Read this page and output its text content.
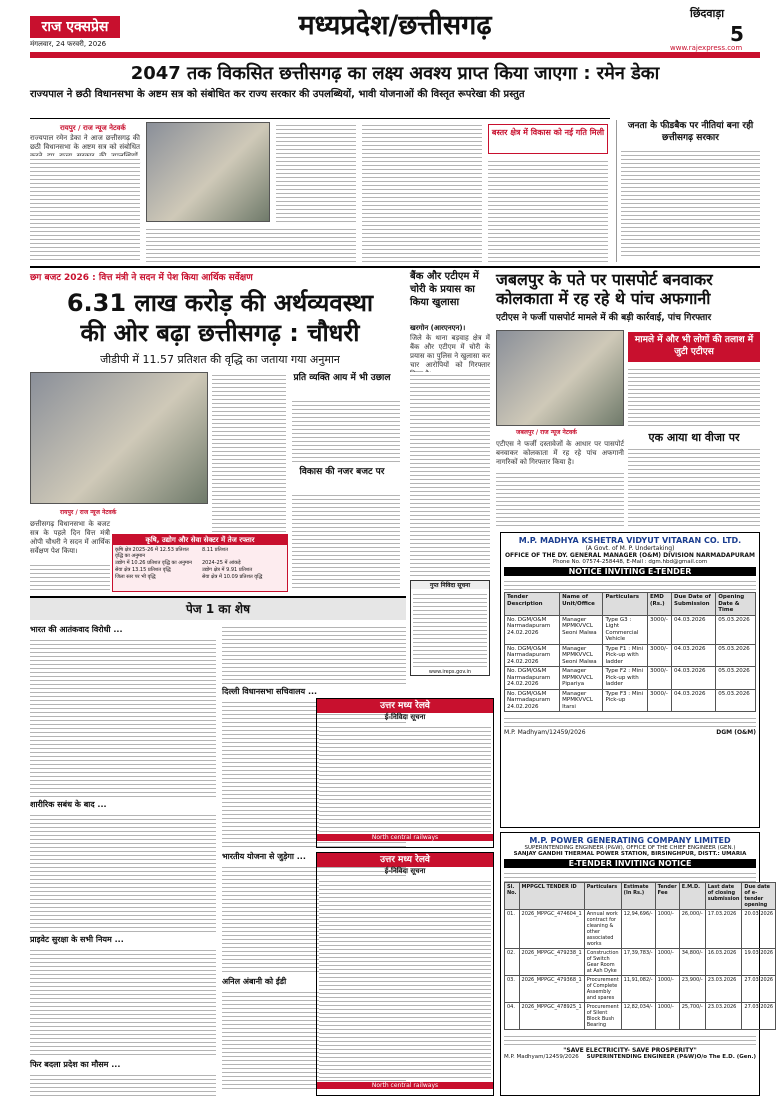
राज एक्सप्रेस
मंगलवार, 24 फरवरी, 2026
मध्यप्रदेश/छत्तीसगढ़	छिंदवाड़ा
5
www.rajexpress.com
2047 तक विकसित छत्तीसगढ़ का लक्ष्य अवश्य प्राप्त किया जाएगा : रमेन डेका
राज्यपाल ने छठी विधानसभा के अष्टम सत्र को संबोधित कर राज्य सरकार की उपलब्धियों, भावी योजनाओं की विस्तृत रूपरेखा की प्रस्तुत
रायपुर / राज न्यूज नेटवर्क
राज्यपाल रमेन डेका ने आज छत्तीसगढ़ की छठी विधानसभा के अष्टम सत्र को संबोधित
बस्तर क्षेत्र में विकास को नई गति मिली
जनता के फीडबैक पर नीतियां बना रही छत्तीसगढ़ सरकार
छग बजट 2026 : वित्त मंत्री ने सदन में पेश किया आर्थिक सर्वेक्षण
6.31 लाख करोड़ की अर्थव्यवस्था
की ओर बढ़ा छत्तीसगढ़ : चौधरी
जीडीपी में 11.57 प्रतिशत की वृद्धि का जताया गया अनुमान
रायपुर / राज न्यूज नेटवर्क
छत्तीसगढ़ विधानसभा के बजट सत्र के पहले दिन वित्त मंत्री ओपी चौधरी ने सदन में आर्थिक सर्वेक्षण पेश किया।
प्रति व्यक्ति आय में भी उछाल
विकास की नजर बजट पर
कृषि, उद्योग और सेवा सेक्टर में तेज रफ्तार
कृषि क्षेत्र 2025-26 में 12.53 प्रतिशत वृद्धि का अनुमान
8.11 प्रतिशत
उद्योग में 10.26 प्रतिशत वृद्धि का अनुमान	2024-25 में आंकड़े
सेवा क्षेत्र 13.15 प्रतिशत वृद्धि	उद्योग क्षेत्र में 9.91 प्रतिशत
जिला स्तर पर भी वृद्धि	सेवा क्षेत्र में 10.09 प्रतिशत वृद्धि
बैंक और एटीएम में चोरी के प्रयास का किया खुलासा
खरगोन (आरएनएन)।
जिले के थाना बड़वाह क्षेत्र में बैंक और एटीएम में चोरी के प्रयास का पुलिस ने खुलासा कर चार आरोपियों को गिरफ्तार
गुप्त निविदा सूचना
www.ireps.gov.in
जबलपुर के पते पर पासपोर्ट बनवाकर कोलकाता में रह रहे थे पांच अफगानी
एटीएस ने फर्जी पासपोर्ट मामले में की बड़ी कार्रवाई, पांच गिरफ्तार
जबलपुर / राज न्यूज नेटवर्क
मामले में और भी लोगों की तलाश में जुटी एटीएस
एक आया था वीजा पर
एटीएस ने फर्जी दस्तावेजों के आधार पर पासपोर्ट बनवाकर कोलकाता में रह रहे पांच अफगानी नागरिकों को गिरफ्तार किया है।
पेज 1 का शेष
भारत की आतंकवाद विरोधी ...
शारीरिक सबंध के बाद ...
प्राइवेट सुरक्षा के सभी नियम ...
फिर बदला प्रदेश का मौसम ...
दिल्ली विधानसभा सचिवालय ...
भारतीय योजना से जुड़ेगा ...
अनिल अंबानी को ईडी
उत्तर मध्य रेलवे
ई-निविदा सूचना
North central railways
उत्तर मध्य रेलवे
ई-निविदा सूचना
North central railways
M.P. MADHYA KSHETRA VIDYUT VITARAN CO. LTD.
(A Govt. of M. P. Undertaking)
OFFICE OF THE DY. GENERAL MANAGER (O&M) DIVISION NARMADAPURAM
Phone No. 07574-258448, E-Mail : dgm.hbd@gmail.com
NOTICE INVITING E-TENDER
Tender Description	Name of Unit/Office	Particulars	EMD (Rs.)	Due Date of Submission	Opening Date & Time
No. DGM/O&M Narmadapuram 24.02.2026	Manager MPMKVVCL Seoni Malwa	Type G3 : Light Commercial Vehicle	3000/-	04.03.2026	05.03.2026
No. DGM/O&M Narmadapuram 24.02.2026	Manager MPMKVVCL Seoni Malwa	Type F1 : Mini Pick-up with ladder	3000/-	04.03.2026	05.03.2026
No. DGM/O&M Narmadapuram 24.02.2026	Manager MPMKVVCL Pipariya	Type F2 : Mini Pick-up with ladder	3000/-	04.03.2026	05.03.2026
No. DGM/O&M Narmadapuram 24.02.2026	Manager MPMKVVCL Itarsi	Type F3 : Mini Pick-up	3000/-	04.03.2026	05.03.2026
M.P. Madhyam/12459/2026	DGM (O&M)
M.P. POWER GENERATING COMPANY LIMITED
SUPERINTENDING ENGINEER (P&W), OFFICE OF THE CHIEF ENGINEER (GEN.)
SANJAY GANDHI THERMAL POWER STATION, BIRSINGHPUR, DISTT.: UMARIA
E-TENDER INVITING NOTICE
Sl. No.	MPPGCL TENDER ID	Particulars	Estimate (In Rs.)	Tender Fee	E.M.D.	Last date of closing submission	Due date of e-tender opening
01.	2026_MPPGC_474604_1	Annual work contract for cleaning & other associated works	12,94,696/-	1000/-	26,000/-	17.03.2026	20.03.2026
02.	2026_MPPGC_479238_1	Construction of Switch Gear Room at Ash Dyke	17,39,783/-	1000/-	34,800/-	16.03.2026	19.03.2026
03.	2026_MPPGC_479368_1	Procurement of Complete Assembly and spares	11,91,082/-	1000/-	23,900/-	23.03.2026	27.03.2026
04.	2026_MPPGC_478925_1	Procurement of Silent Block Bush Bearing	12,82,034/-	1000/-	25,700/-	23.03.2026	27.03.2026
"SAVE ELECTRICITY- SAVE PROSPERITY"
M.P. Madhyam/12459/2026 SUPERINTENDING ENGINEER (P&W)O/o The E.D. (Gen.)
